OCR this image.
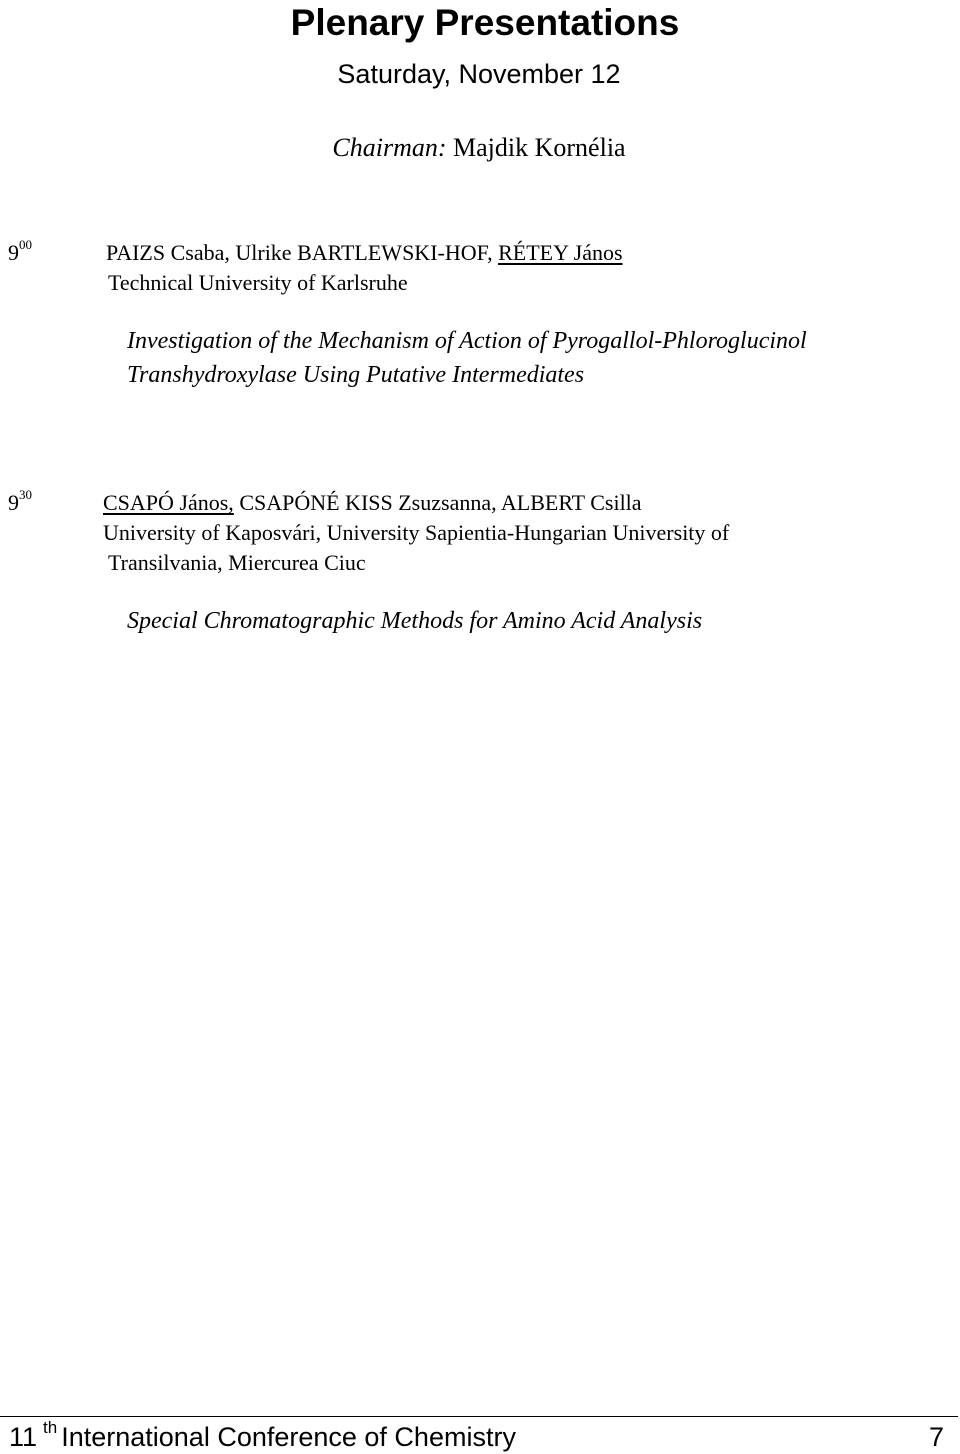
Plenary Presentations
Saturday, November 12
Chairman: Majdik Kornélia
$9^{00}$	PAIZS Csaba, Ulrike BARTLEWSKI-HOF, RÉTEY János
Technical University of Karlsruhe
Investigation of the Mechanism of Action of Pyrogallol-Phloroglucinol
Transhydroxylase Using Putative Intermediates
$9^{30}$	CSAPÓ János, CSAPÓNÉ KISS Zsuzsanna, ALBERT Csilla
University of Kaposvári, University Sapientia-Hungarian University of
Transilvania, Miercurea Ciuc
Special Chromatographic Methods for Amino Acid Analysis
11 $^{th}$ International Conference of Chemistry	7
